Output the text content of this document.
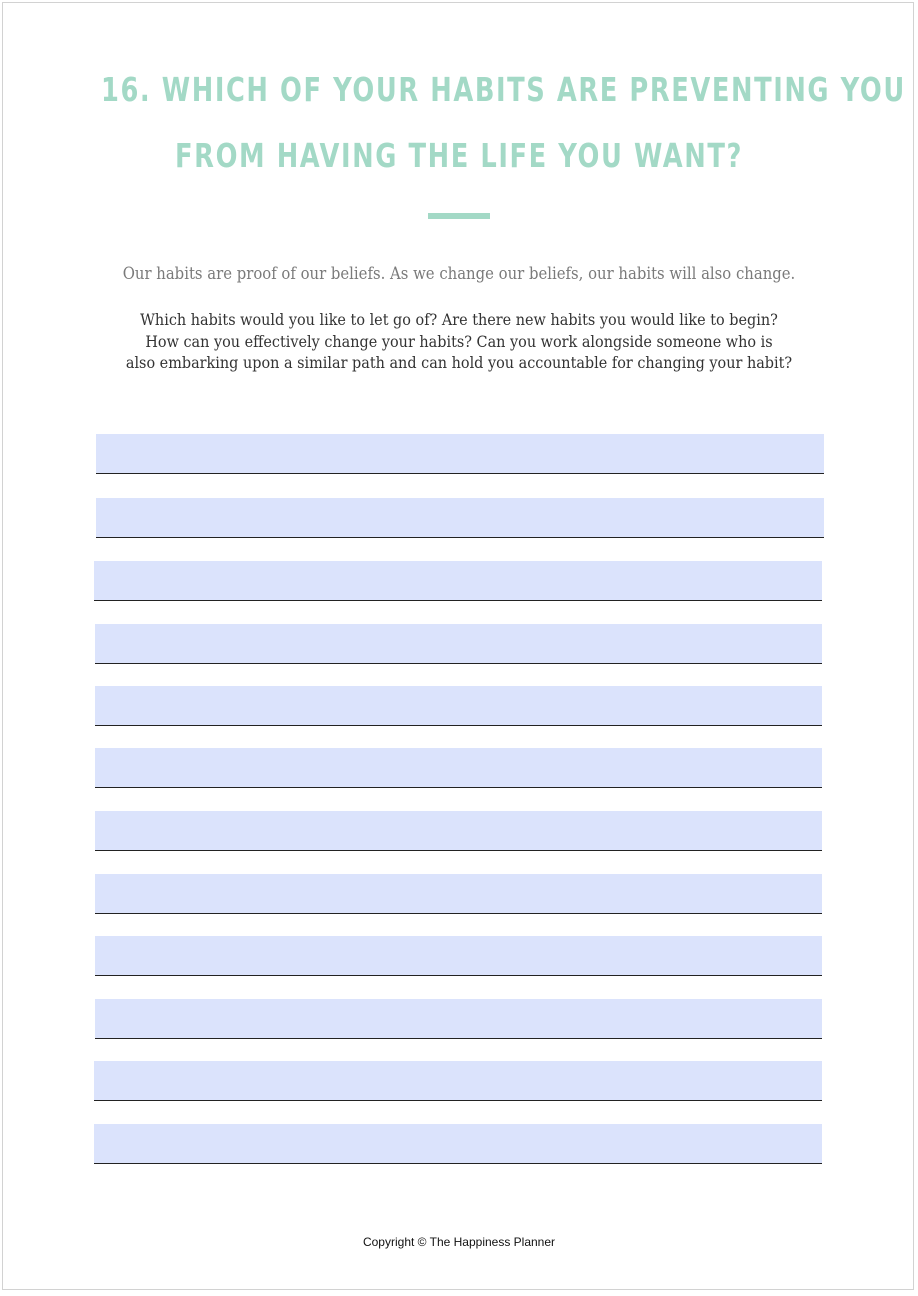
16. WHICH OF YOUR HABITS ARE PREVENTING YOU
FROM HAVING THE LIFE YOU WANT?

Our habits are proof of our beliefs. As we change our beliefs, our habits will also change.

Which habits would you like to let go of? Are there new habits you would like to begin?
How can you effectively change your habits? Can you work alongside someone who is
also embarking upon a similar path and can hold you accountable for changing your habit?

Copyright © The Happiness Planner
